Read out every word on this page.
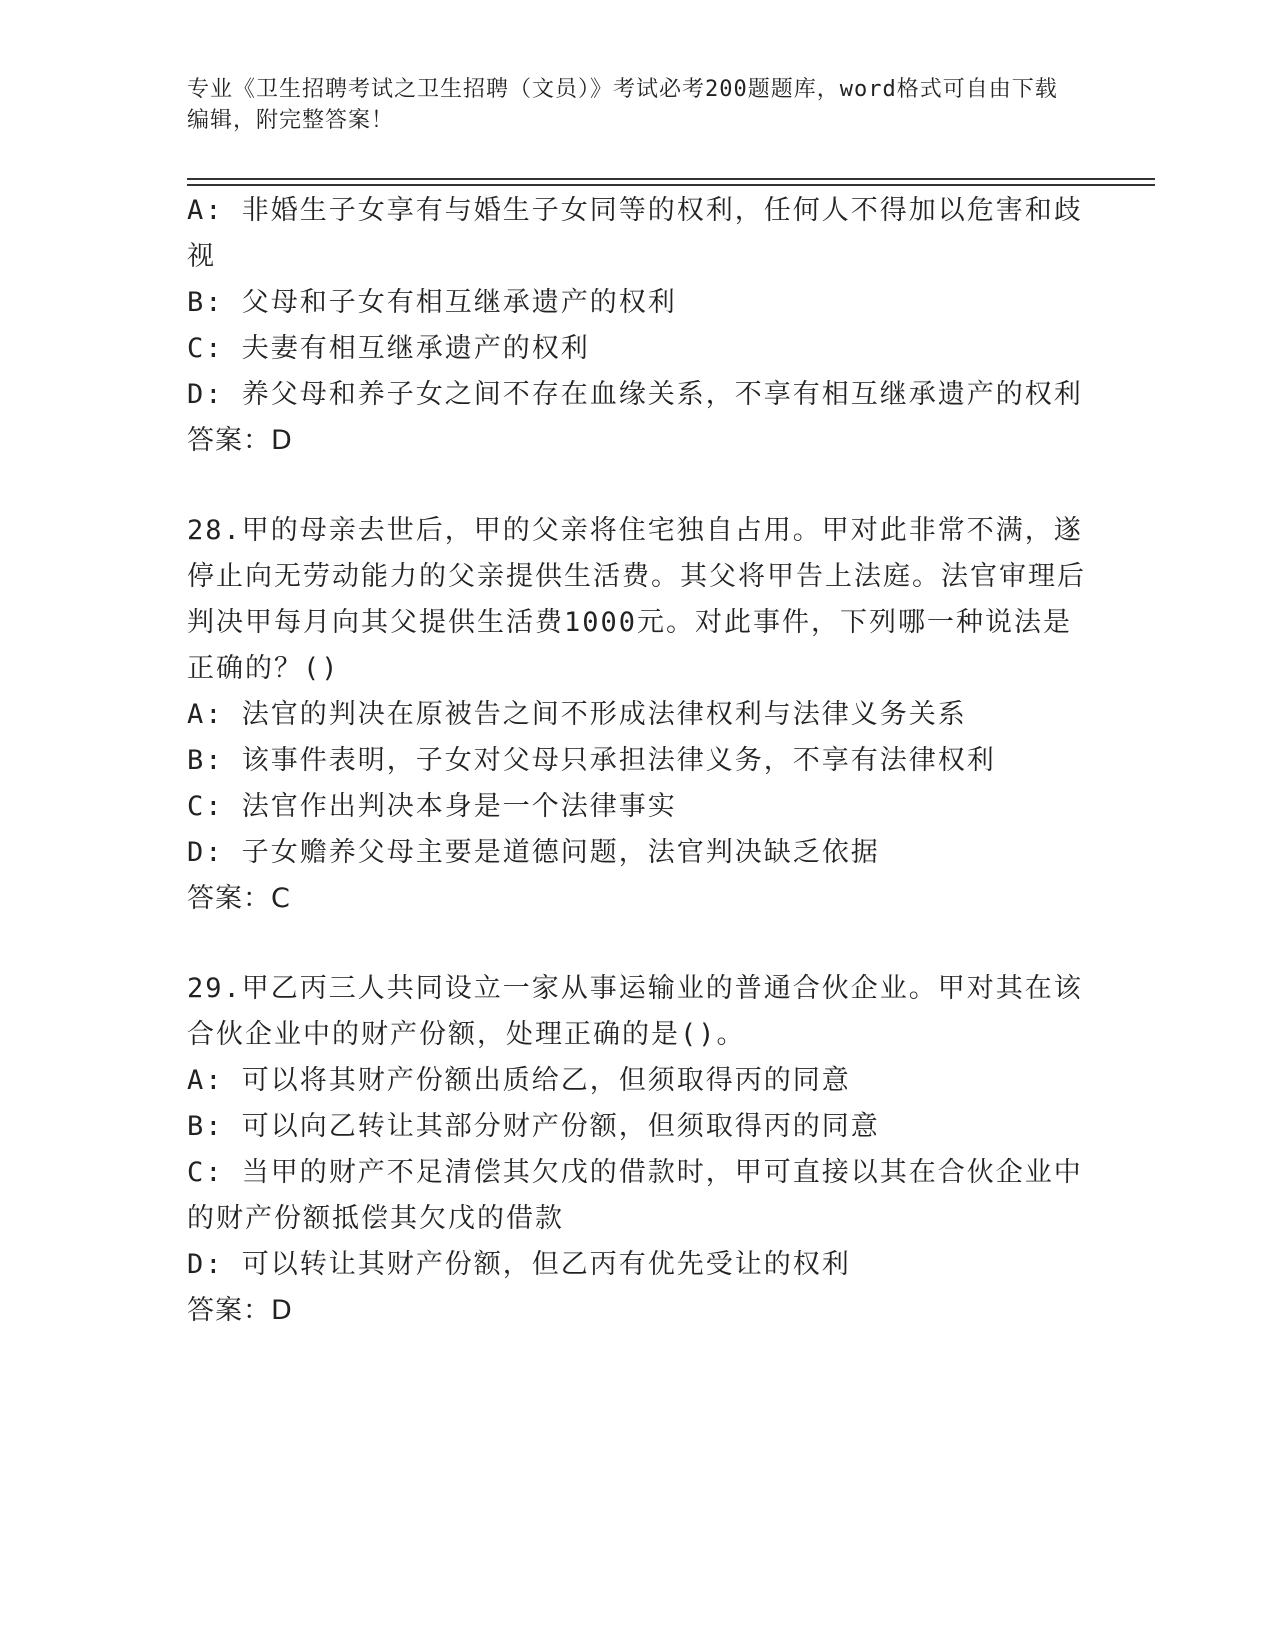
专业《卫生招聘考试之卫生招聘（文员）》考试必考200题题库，word格式可自由下载编辑，附完整答案！

A: 非婚生子女享有与婚生子女同等的权利，任何人不得加以危害和歧视

B: 父母和子女有相互继承遗产的权利

C: 夫妻有相互继承遗产的权利

D: 养父母和养子女之间不存在血缘关系，不享有相互继承遗产的权利

答案：D

28.甲的母亲去世后，甲的父亲将住宅独自占用。甲对此非常不满，遂停止向无劳动能力的父亲提供生活费。其父将甲告上法庭。法官审理后判决甲每月向其父提供生活费1000元。对此事件，下列哪一种说法是正确的？()

A: 法官的判决在原被告之间不形成法律权利与法律义务关系

B: 该事件表明，子女对父母只承担法律义务，不享有法律权利

C: 法官作出判决本身是一个法律事实

D: 子女赡养父母主要是道德问题，法官判决缺乏依据

答案：C

29.甲乙丙三人共同设立一家从事运输业的普通合伙企业。甲对其在该合伙企业中的财产份额，处理正确的是()。

A: 可以将其财产份额出质给乙，但须取得丙的同意

B: 可以向乙转让其部分财产份额，但须取得丙的同意

C: 当甲的财产不足清偿其欠戊的借款时，甲可直接以其在合伙企业中的财产份额抵偿其欠戊的借款

D: 可以转让其财产份额，但乙丙有优先受让的权利

答案：D
